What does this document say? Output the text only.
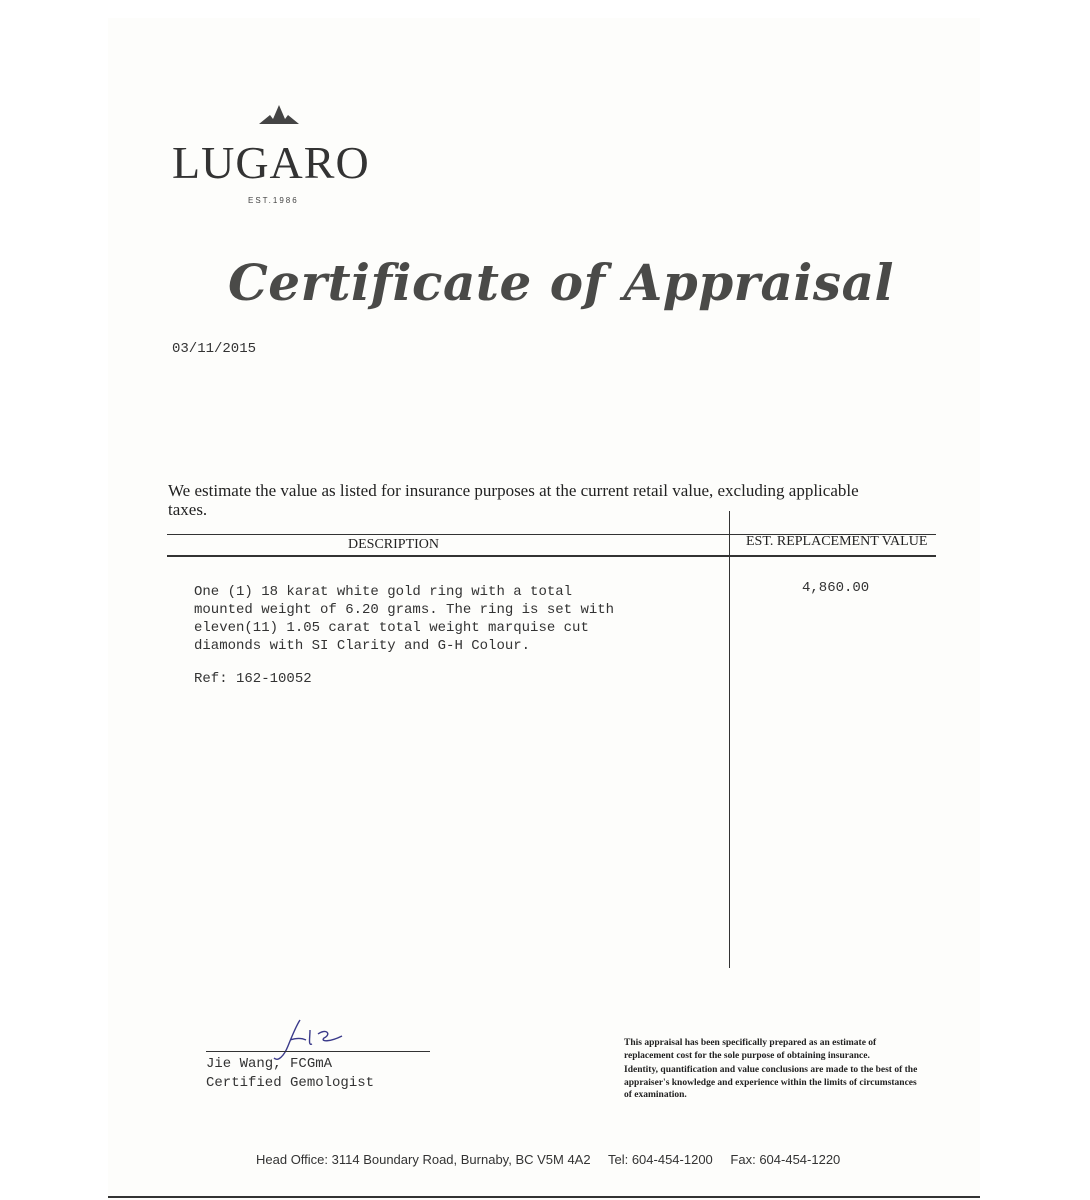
LUGARO
EST.1986
Certificate of Appraisal
03/11/2015
We estimate the value as listed for insurance purposes at the current retail value, excluding applicable taxes.
DESCRIPTION	EST. REPLACEMENT VALUE
One (1) 18 karat white gold ring with a total
mounted weight of 6.20 grams. The ring is set with
eleven(11) 1.05 carat total weight marquise cut
diamonds with SI Clarity and G-H Colour.
Ref: 162-10052
4,860.00
Jie Wang, FCGmA
Certified Gemologist

This appraisal has been specifically prepared as an estimate of replacement cost for the sole purpose of obtaining insurance.

Identity, quantification and value conclusions are made to the best of the appraiser's knowledge and experience within the limits of circumstances of examination.

Head Office: 3114 Boundary Road, Burnaby, BC V5M 4A2 Tel: 604-454-1200 Fax: 604-454-1220
